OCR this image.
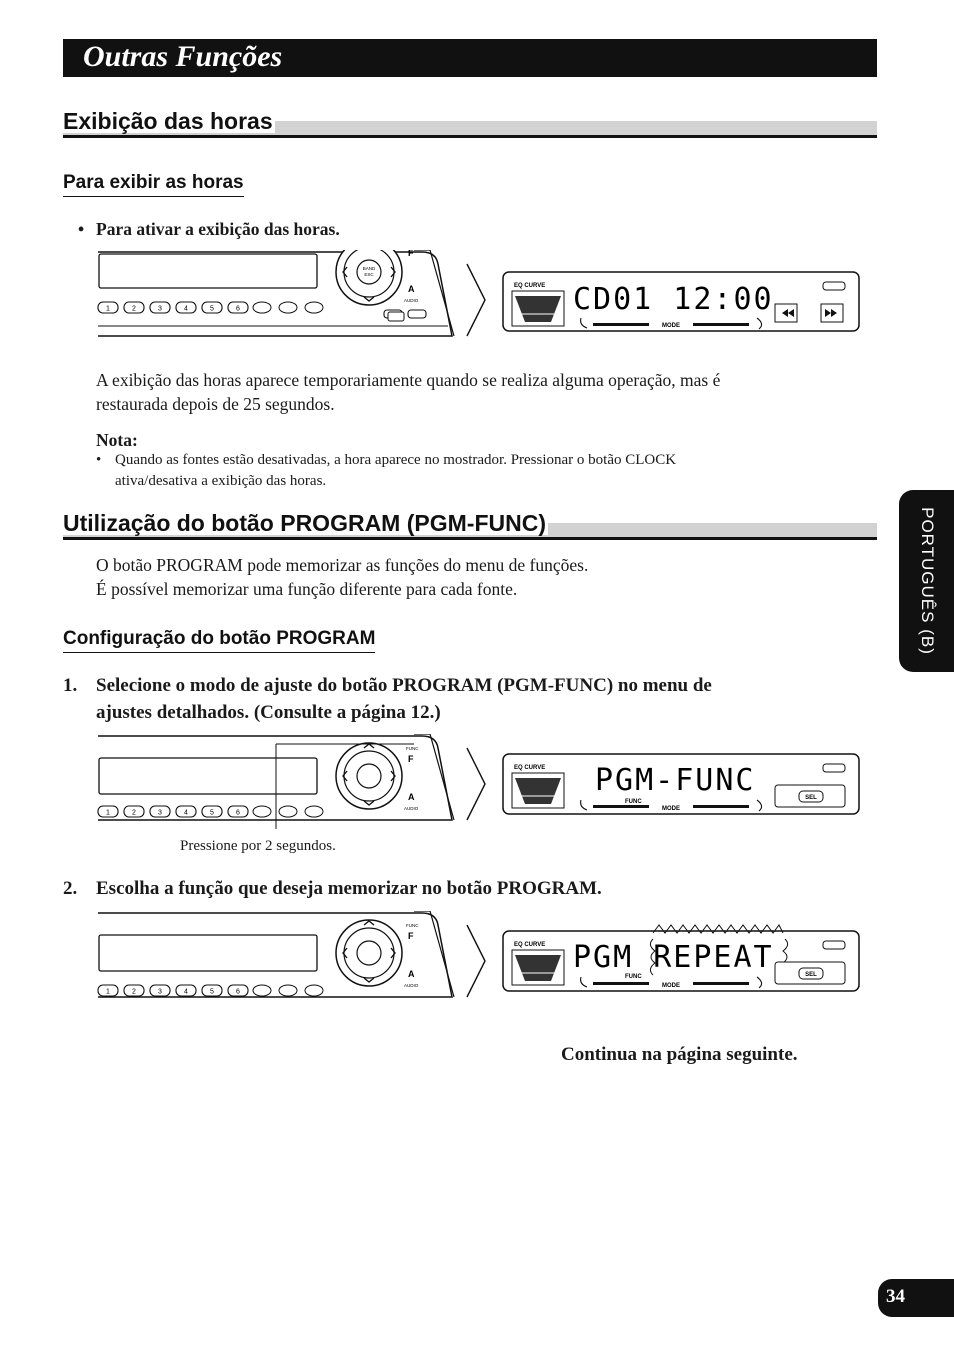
Outras Funções
Exibição das horas
Para exibir as horas
• Para ativar a exibição das horas.
BAND
ESC
F
A
AUDIO
1	2	3	4	5	6
EQ CURVE CD01 12:00
MODE
A exibição das horas aparece temporariamente quando se realiza alguma operação, mas é
restaurada depois de 25 segundos.
Nota:
• Quando as fontes estão desativadas, a hora aparece no mostrador. Pressionar o botão CLOCK
ativa/desativa a exibição das horas.
Utilização do botão PROGRAM (PGM-FUNC)
O botão PROGRAM pode memorizar as funções do menu de funções.
É possível memorizar uma função diferente para cada fonte.
Configuração do botão PROGRAM
1. Selecione o modo de ajuste do botão PROGRAM (PGM-FUNC) no menu de
ajustes detalhados. (Consulte a página 12.)
FUNC
F
A
AUDIO
1	2	3	4	5	6
EQ CURVE PGM-FUNC
FUNC
MODE
SEL
Pressione por 2 segundos.
2. Escolha a função que deseja memorizar no botão PROGRAM.
FUNC
F
A
AUDIO
1	2	3	4	5	6
EQ CURVE PGM REPEAT
FUNC
MODE
SEL
Continua na página seguinte.
PORTUGUÊS (B)
34
